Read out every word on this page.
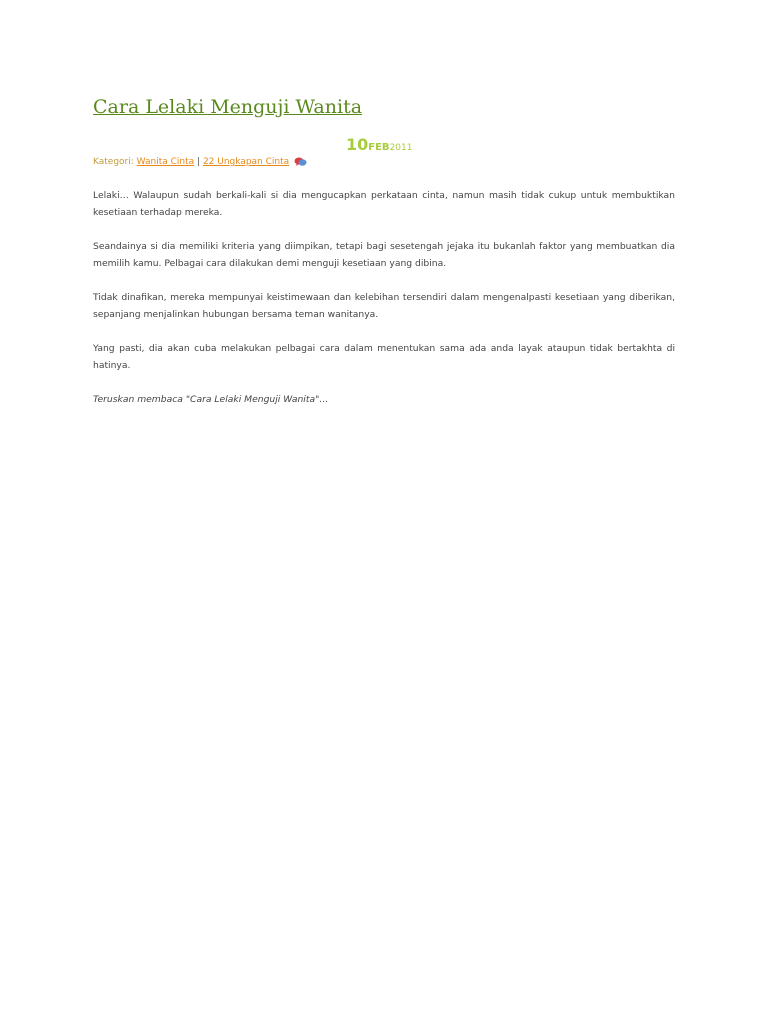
Cara Lelaki Menguji Wanita
10FEB2011
Kategori: Wanita Cinta | 22 Ungkapan Cinta

Lelaki… Walaupun sudah berkali-kali si dia mengucapkan perkataan cinta, namun masih tidak cukup untuk membuktikan kesetiaan terhadap mereka.

Seandainya si dia memiliki kriteria yang diimpikan, tetapi bagi sesetengah jejaka itu bukanlah faktor yang membuatkan dia memilih kamu. Pelbagai cara dilakukan demi menguji kesetiaan yang dibina.

Tidak dinafikan, mereka mempunyai keistimewaan dan kelebihan tersendiri dalam mengenalpasti kesetiaan yang diberikan, sepanjang menjalinkan hubungan bersama teman wanitanya.

Yang pasti, dia akan cuba melakukan pelbagai cara dalam menentukan sama ada anda layak ataupun tidak bertakhta di hatinya.

Teruskan membaca "Cara Lelaki Menguji Wanita"…
